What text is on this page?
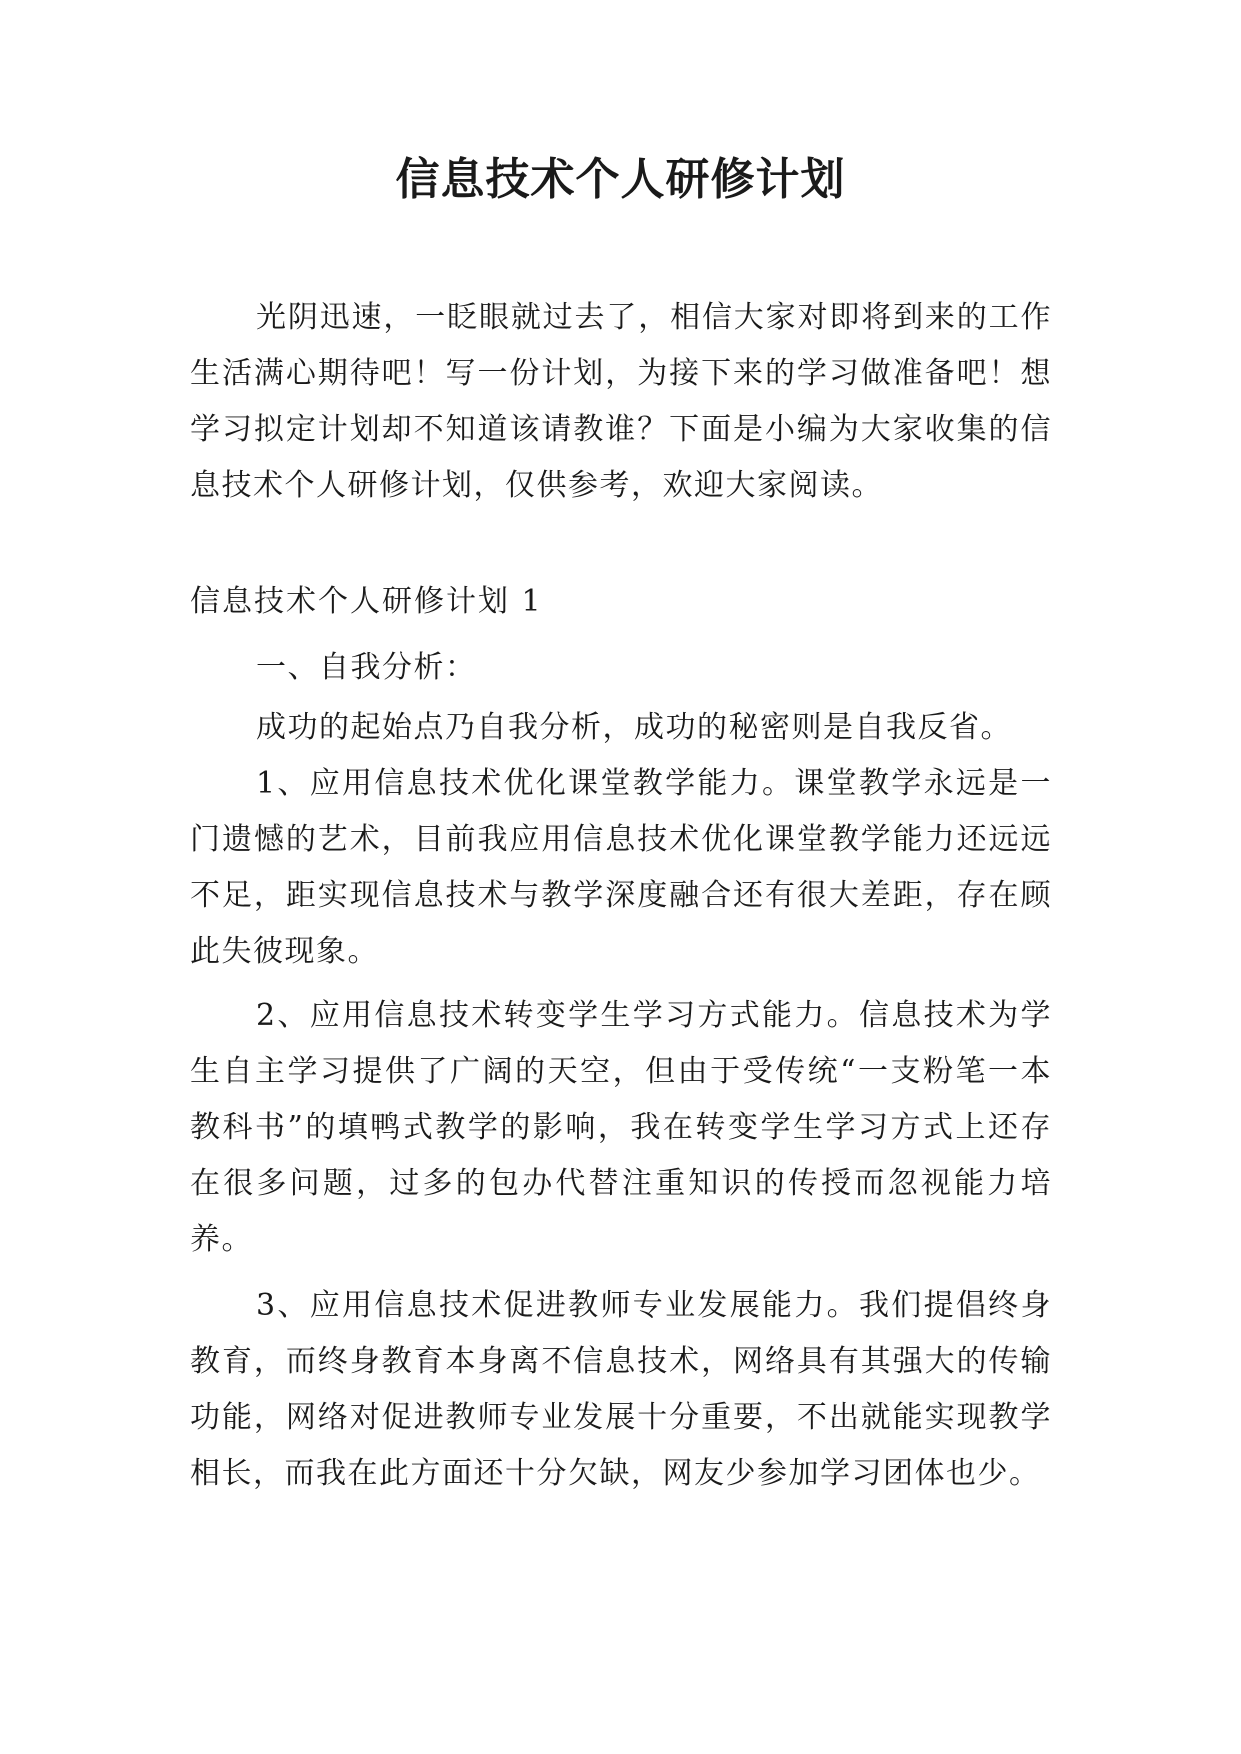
信息技术个人研修计划

光阴迅速，一眨眼就过去了，相信大家对即将到来的工作生活满心期待吧！写一份计划，为接下来的学习做准备吧！想学习拟定计划却不知道该请教谁？下面是小编为大家收集的信息技术个人研修计划，仅供参考，欢迎大家阅读。

信息技术个人研修计划 1

一、自我分析：

成功的起始点乃自我分析，成功的秘密则是自我反省。

1、应用信息技术优化课堂教学能力。课堂教学永远是一门遗憾的艺术，目前我应用信息技术优化课堂教学能力还远远不足，距实现信息技术与教学深度融合还有很大差距，存在顾此失彼现象。

2、应用信息技术转变学生学习方式能力。信息技术为学生自主学习提供了广阔的天空，但由于受传统“一支粉笔一本教科书”的填鸭式教学的影响，我在转变学生学习方式上还存在很多问题，过多的包办代替注重知识的传授而忽视能力培养。

3、应用信息技术促进教师专业发展能力。我们提倡终身教育，而终身教育本身离不信息技术，网络具有其强大的传输功能，网络对促进教师专业发展十分重要，不出就能实现教学相长，而我在此方面还十分欠缺，网友少参加学习团体也少。
